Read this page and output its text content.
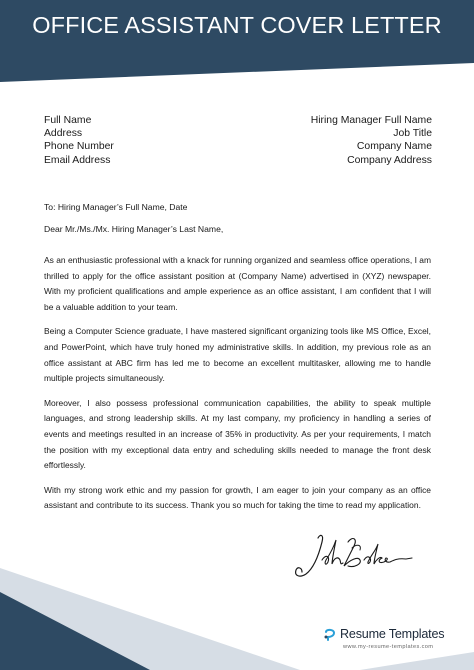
OFFICE ASSISTANT COVER LETTER
Full Name
Address
Phone Number
Email Address
Hiring Manager Full Name
Job Title
Company Name
Company Address
To: Hiring Manager’s Full Name, Date
Dear Mr./Ms./Mx. Hiring Manager’s Last Name,

As an enthusiastic professional with a knack for running organized and seamless office operations, I am thrilled to apply for the office assistant position at (Company Name) advertised in (XYZ) newspaper. With my proficient qualifications and ample experience as an office assistant, I am confident that I will be a valuable addition to your team.

Being a Computer Science graduate, I have mastered significant organizing tools like MS Office, Excel, and PowerPoint, which have truly honed my administrative skills. In addition, my previous role as an office assistant at ABC firm has led me to become an excellent multitasker, allowing me to handle multiple projects simultaneously.

Moreover, I also possess professional communication capabilities, the ability to speak multiple languages, and strong leadership skills. At my last company, my proficiency in handling a series of events and meetings resulted in an increase of 35% in productivity. As per your requirements, I match the position with my exceptional data entry and scheduling skills needed to manage the front desk effortlessly.

With my strong work ethic and my passion for growth, I am eager to join your company as an office assistant and contribute to its success. Thank you so much for taking the time to read my application.

Resume Templates
www.my-resume-templates.com
